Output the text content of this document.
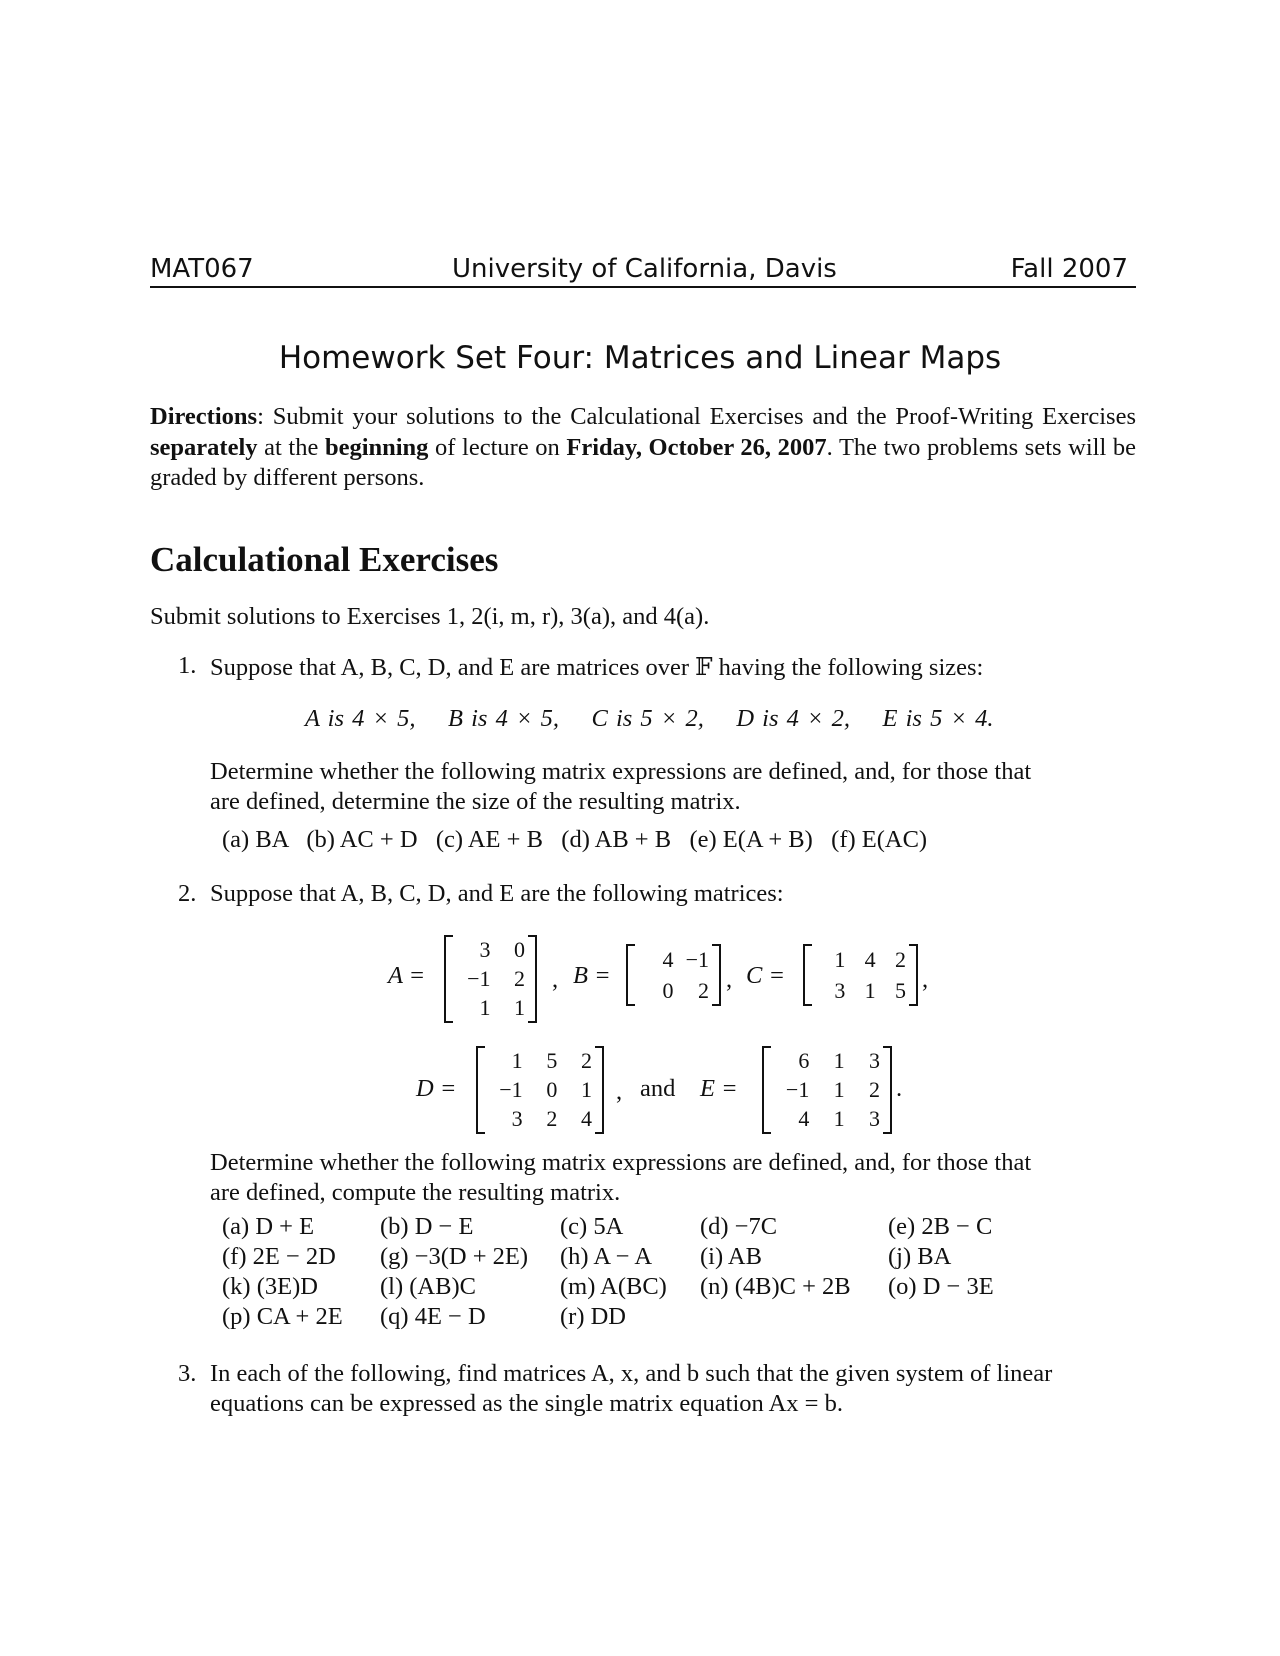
MAT067	University of California, Davis	Fall 2007
Homework Set Four: Matrices and Linear Maps
Directions: Submit your solutions to the Calculational Exercises and the Proof-Writing Exercises separately at the beginning of lecture on Friday, October 26, 2007. The two problems sets will be graded by different persons.
Calculational Exercises
Submit solutions to Exercises 1, 2(i, m, r), 3(a), and 4(a).
1. Suppose that A, B, C, D, and E are matrices over 𝔽 having the following sizes:
A is 4 × 5,    B is 4 × 5,    C is 5 × 2,    D is 4 × 2,    E is 5 × 4.
Determine whether the following matrix expressions are defined, and, for those that
are defined, determine the size of the resulting matrix.
(a) BA   (b) AC + D   (c) AE + B   (d) AB + B   (e) E(A + B)   (f) E(AC)
2. Suppose that A, B, C, D, and E are the following matrices:
A =
3 0
−1 2
1 1
, B =
4 −1
0 2 , C =
1 4 2
3 1 5 ,
D =
1 5 2
−1 0 1
3 2 4
, and E =
6 1 3
−1 1 2
4 1 3
.
Determine whether the following matrix expressions are defined, and, for those that
are defined, compute the resulting matrix.
(a) D + E	(b) D − E	(c) 5A	(d) −7C	(e) 2B − C
(f) 2E − 2D (g) −3(D + 2E) (h) A − A (i) AB	(j) BA
(k) (3E)D	(l) (AB)C	(m) A(BC) (n) (4B)C + 2B (o) D − 3E
(p) CA + 2E (q) 4E − D	(r) DD
3. In each of the following, find matrices A, x, and b such that the given system of linear
equations can be expressed as the single matrix equation Ax = b.
